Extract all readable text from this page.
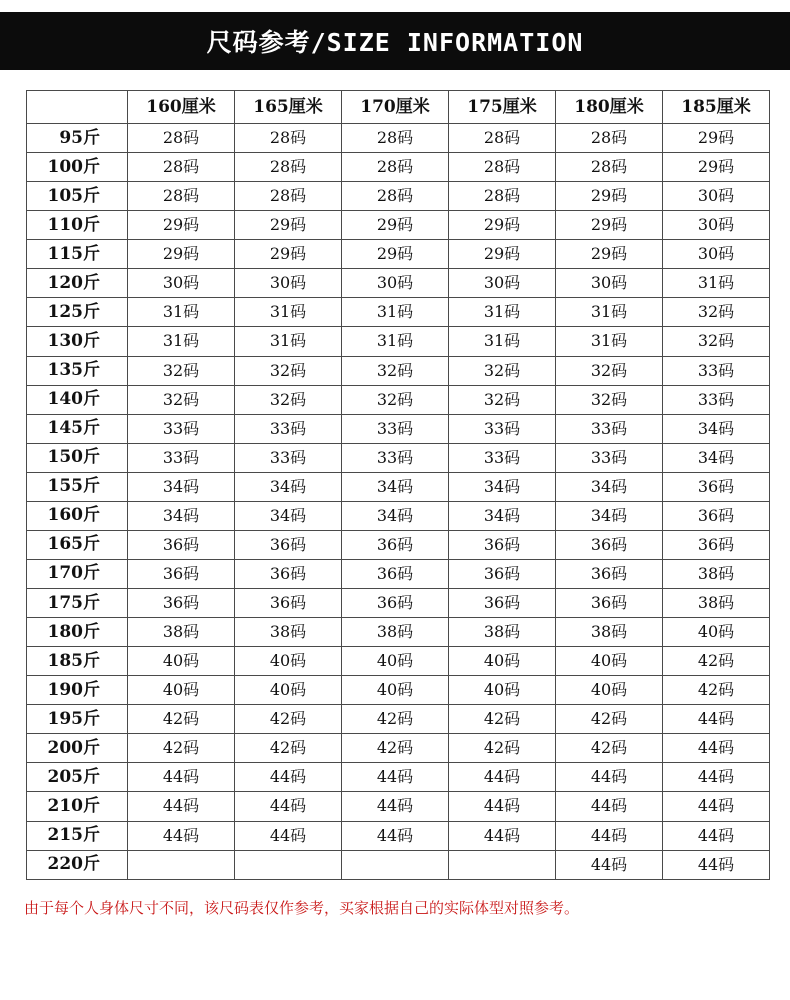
尺码参考/SIZE INFORMATION
	160厘米	165厘米	170厘米	175厘米	180厘米	185厘米
95斤	28码	28码	28码	28码	28码	29码
100斤	28码	28码	28码	28码	28码	29码
105斤	28码	28码	28码	28码	29码	30码
110斤	29码	29码	29码	29码	29码	30码
115斤	29码	29码	29码	29码	29码	30码
120斤	30码	30码	30码	30码	30码	31码
125斤	31码	31码	31码	31码	31码	32码
130斤	31码	31码	31码	31码	31码	32码
135斤	32码	32码	32码	32码	32码	33码
140斤	32码	32码	32码	32码	32码	33码
145斤	33码	33码	33码	33码	33码	34码
150斤	33码	33码	33码	33码	33码	34码
155斤	34码	34码	34码	34码	34码	36码
160斤	34码	34码	34码	34码	34码	36码
165斤	36码	36码	36码	36码	36码	36码
170斤	36码	36码	36码	36码	36码	38码
175斤	36码	36码	36码	36码	36码	38码
180斤	38码	38码	38码	38码	38码	40码
185斤	40码	40码	40码	40码	40码	42码
190斤	40码	40码	40码	40码	40码	42码
195斤	42码	42码	42码	42码	42码	44码
200斤	42码	42码	42码	42码	42码	44码
205斤	44码	44码	44码	44码	44码	44码
210斤	44码	44码	44码	44码	44码	44码
215斤	44码	44码	44码	44码	44码	44码
220斤					44码	44码
由于每个人身体尺寸不同，该尺码表仅作参考，买家根据自己的实际体型对照参考。
